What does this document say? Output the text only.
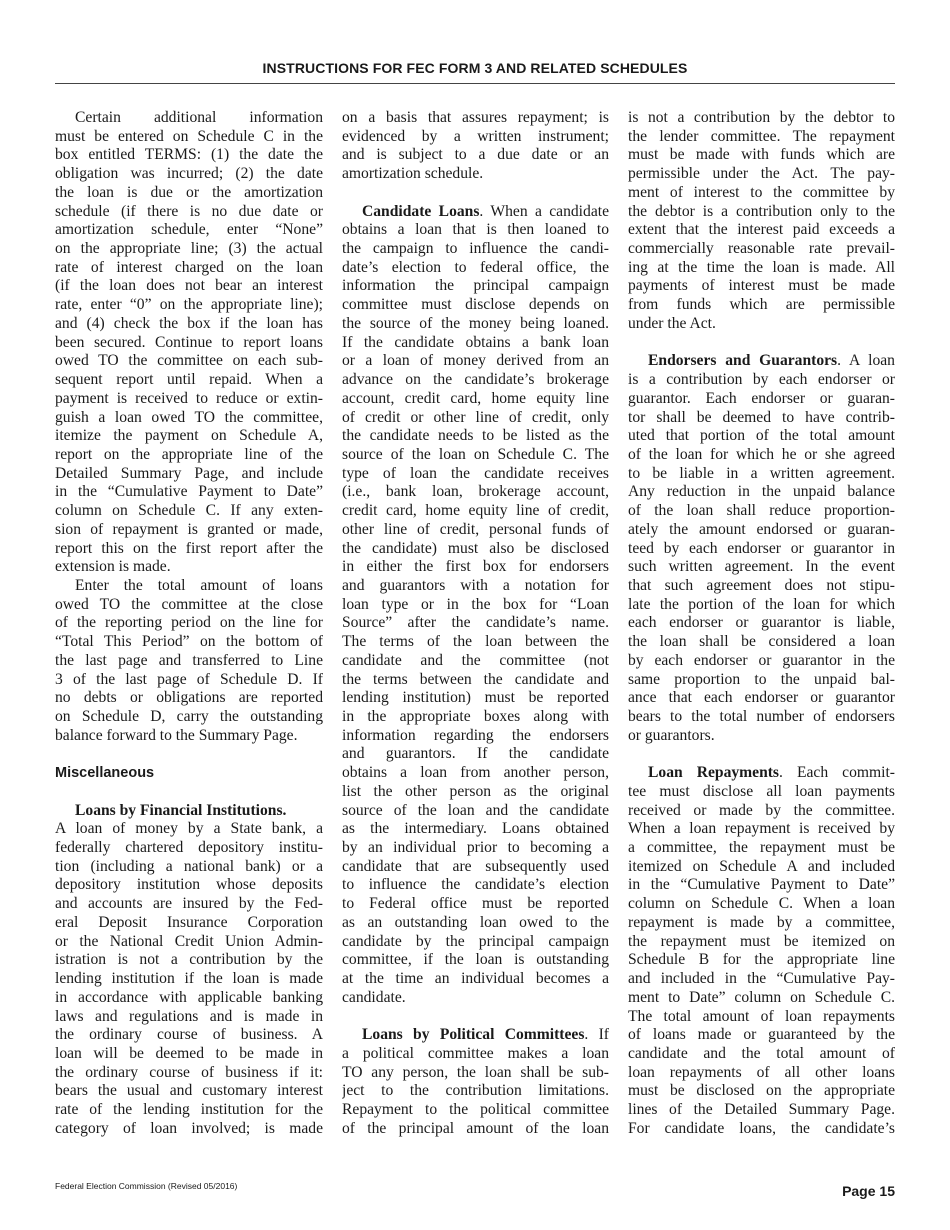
INSTRUCTIONS FOR FEC FORM 3 AND RELATED SCHEDULES
Certain additional information
must be entered on Schedule C in the
box entitled TERMS: (1) the date the
obligation was incurred; (2) the date
the loan is due or the amortization
schedule (if there is no due date or
amortization schedule, enter “None”
on the appropriate line; (3) the actual
rate of interest charged on the loan
(if the loan does not bear an interest
rate, enter “0” on the appropriate line);
and (4) check the box if the loan has
been secured. Continue to report loans
owed TO the committee on each sub-
sequent report until repaid. When a
payment is received to reduce or extin-
guish a loan owed TO the committee,
itemize the payment on Schedule A,
report on the appropriate line of the
Detailed Summary Page, and include
in the “Cumulative Payment to Date”
column on Schedule C. If any exten-
sion of repayment is granted or made,
report this on the first report after the
extension is made.
Enter the total amount of loans
owed TO the committee at the close
of the reporting period on the line for
“Total This Period” on the bottom of
the last page and transferred to Line
3 of the last page of Schedule D. If
no debts or obligations are reported
on Schedule D, carry the outstanding
balance forward to the Summary Page.
Miscellaneous
Loans by Financial Institutions.
A loan of money by a State bank, a
federally chartered depository institu-
tion (including a national bank) or a
depository institution whose deposits
and accounts are insured by the Fed-
eral Deposit Insurance Corporation
or the National Credit Union Admin-
istration is not a contribution by the
lending institution if the loan is made
in accordance with applicable banking
laws and regulations and is made in
the ordinary course of business. A
loan will be deemed to be made in
the ordinary course of business if it:
bears the usual and customary interest
rate of the lending institution for the
category of loan involved; is made
on a basis that assures repayment; is
evidenced by a written instrument;
and is subject to a due date or an
amortization schedule.
Candidate Loans. When a candidate
obtains a loan that is then loaned to
the campaign to influence the candi-
date’s election to federal office, the
information the principal campaign
committee must disclose depends on
the source of the money being loaned.
If the candidate obtains a bank loan
or a loan of money derived from an
advance on the candidate’s brokerage
account, credit card, home equity line
of credit or other line of credit, only
the candidate needs to be listed as the
source of the loan on Schedule C. The
type of loan the candidate receives
(i.e., bank loan, brokerage account,
credit card, home equity line of credit,
other line of credit, personal funds of
the candidate) must also be disclosed
in either the first box for endorsers
and guarantors with a notation for
loan type or in the box for “Loan
Source” after the candidate’s name.
The terms of the loan between the
candidate and the committee (not
the terms between the candidate and
lending institution) must be reported
in the appropriate boxes along with
information regarding the endorsers
and guarantors. If the candidate
obtains a loan from another person,
list the other person as the original
source of the loan and the candidate
as the intermediary. Loans obtained
by an individual prior to becoming a
candidate that are subsequently used
to influence the candidate’s election
to Federal office must be reported
as an outstanding loan owed to the
candidate by the principal campaign
committee, if the loan is outstanding
at the time an individual becomes a
candidate.
Loans by Political Committees. If
a political committee makes a loan
TO any person, the loan shall be sub-
ject to the contribution limitations.
Repayment to the political committee
of the principal amount of the loan
is not a contribution by the debtor to
the lender committee. The repayment
must be made with funds which are
permissible under the Act. The pay-
ment of interest to the committee by
the debtor is a contribution only to the
extent that the interest paid exceeds a
commercially reasonable rate prevail-
ing at the time the loan is made. All
payments of interest must be made
from funds which are permissible
under the Act.
Endorsers and Guarantors. A loan
is a contribution by each endorser or
guarantor. Each endorser or guaran-
tor shall be deemed to have contrib-
uted that portion of the total amount
of the loan for which he or she agreed
to be liable in a written agreement.
Any reduction in the unpaid balance
of the loan shall reduce proportion-
ately the amount endorsed or guaran-
teed by each endorser or guarantor in
such written agreement. In the event
that such agreement does not stipu-
late the portion of the loan for which
each endorser or guarantor is liable,
the loan shall be considered a loan
by each endorser or guarantor in the
same proportion to the unpaid bal-
ance that each endorser or guarantor
bears to the total number of endorsers
or guarantors.
Loan Repayments. Each commit-
tee must disclose all loan payments
received or made by the committee.
When a loan repayment is received by
a committee, the repayment must be
itemized on Schedule A and included
in the “Cumulative Payment to Date”
column on Schedule C. When a loan
repayment is made by a committee,
the repayment must be itemized on
Schedule B for the appropriate line
and included in the “Cumulative Pay-
ment to Date” column on Schedule C.
The total amount of loan repayments
of loans made or guaranteed by the
candidate and the total amount of
loan repayments of all other loans
must be disclosed on the appropriate
lines of the Detailed Summary Page.
For candidate loans, the candidate’s
Federal Election Commission (Revised 05/2016)	Page 15
